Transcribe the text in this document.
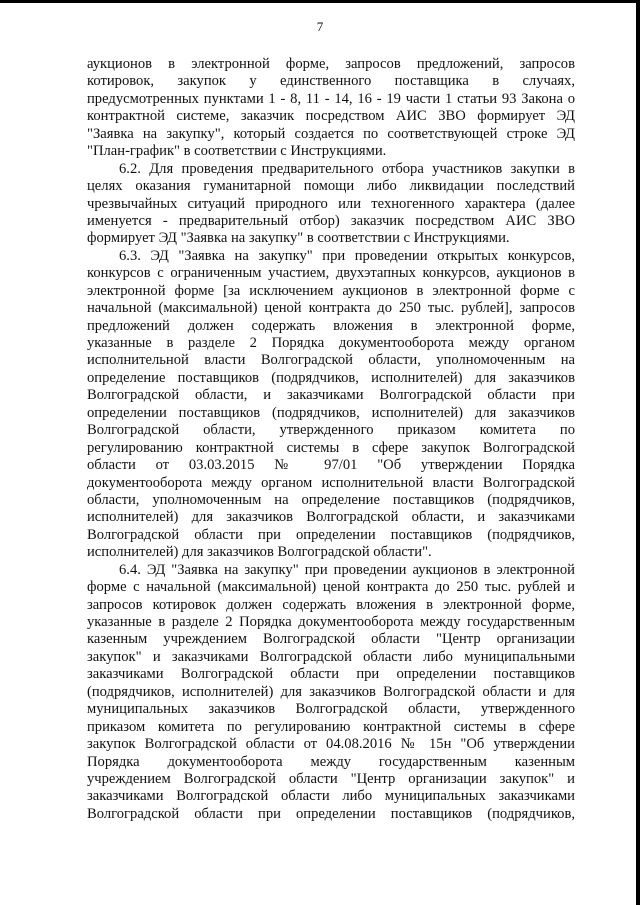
7
аукционов в электронной форме, запросов предложений, запросов
котировок, закупок у единственного поставщика в случаях,
предусмотренных пунктами 1 - 8, 11 - 14, 16 - 19 части 1 статьи 93 Закона о
контрактной системе, заказчик посредством АИС ЗВО формирует ЭД
"Заявка на закупку", который создается по соответствующей строке ЭД
"План-график" в соответствии с Инструкциями.
6.2. Для проведения предварительного отбора участников закупки в
целях оказания гуманитарной помощи либо ликвидации последствий
чрезвычайных ситуаций природного или техногенного характера (далее
именуется - предварительный отбор) заказчик посредством АИС ЗВО
формирует ЭД "Заявка на закупку" в соответствии с Инструкциями.
6.3. ЭД "Заявка на закупку" при проведении открытых конкурсов,
конкурсов с ограниченным участием, двухэтапных конкурсов, аукционов в
электронной форме [за исключением аукционов в электронной форме с
начальной (максимальной) ценой контракта до 250 тыс. рублей], запросов
предложений должен содержать вложения в электронной форме,
указанные в разделе 2 Порядка документооборота между органом
исполнительной власти Волгоградской области, уполномоченным на
определение поставщиков (подрядчиков, исполнителей) для заказчиков
Волгоградской области, и заказчиками Волгоградской области при
определении поставщиков (подрядчиков, исполнителей) для заказчиков
Волгоградской области, утвержденного приказом комитета по
регулированию контрактной системы в сфере закупок Волгоградской
области от 03.03.2015 № 97/01 "Об утверждении Порядка
документооборота между органом исполнительной власти Волгоградской
области, уполномоченным на определение поставщиков (подрядчиков,
исполнителей) для заказчиков Волгоградской области, и заказчиками
Волгоградской области при определении поставщиков (подрядчиков,
исполнителей) для заказчиков Волгоградской области".
6.4. ЭД "Заявка на закупку" при проведении аукционов в электронной
форме с начальной (максимальной) ценой контракта до 250 тыс. рублей и
запросов котировок должен содержать вложения в электронной форме,
указанные в разделе 2 Порядка документооборота между государственным
казенным учреждением Волгоградской области "Центр организации
закупок" и заказчиками Волгоградской области либо муниципальными
заказчиками Волгоградской области при определении поставщиков
(подрядчиков, исполнителей) для заказчиков Волгоградской области и для
муниципальных заказчиков Волгоградской области, утвержденного
приказом комитета по регулированию контрактной системы в сфере
закупок Волгоградской области от 04.08.2016 № 15н "Об утверждении
Порядка документооборота между государственным казенным
учреждением Волгоградской области "Центр организации закупок" и
заказчиками Волгоградской области либо муниципальных заказчиками
Волгоградской области при определении поставщиков (подрядчиков,
